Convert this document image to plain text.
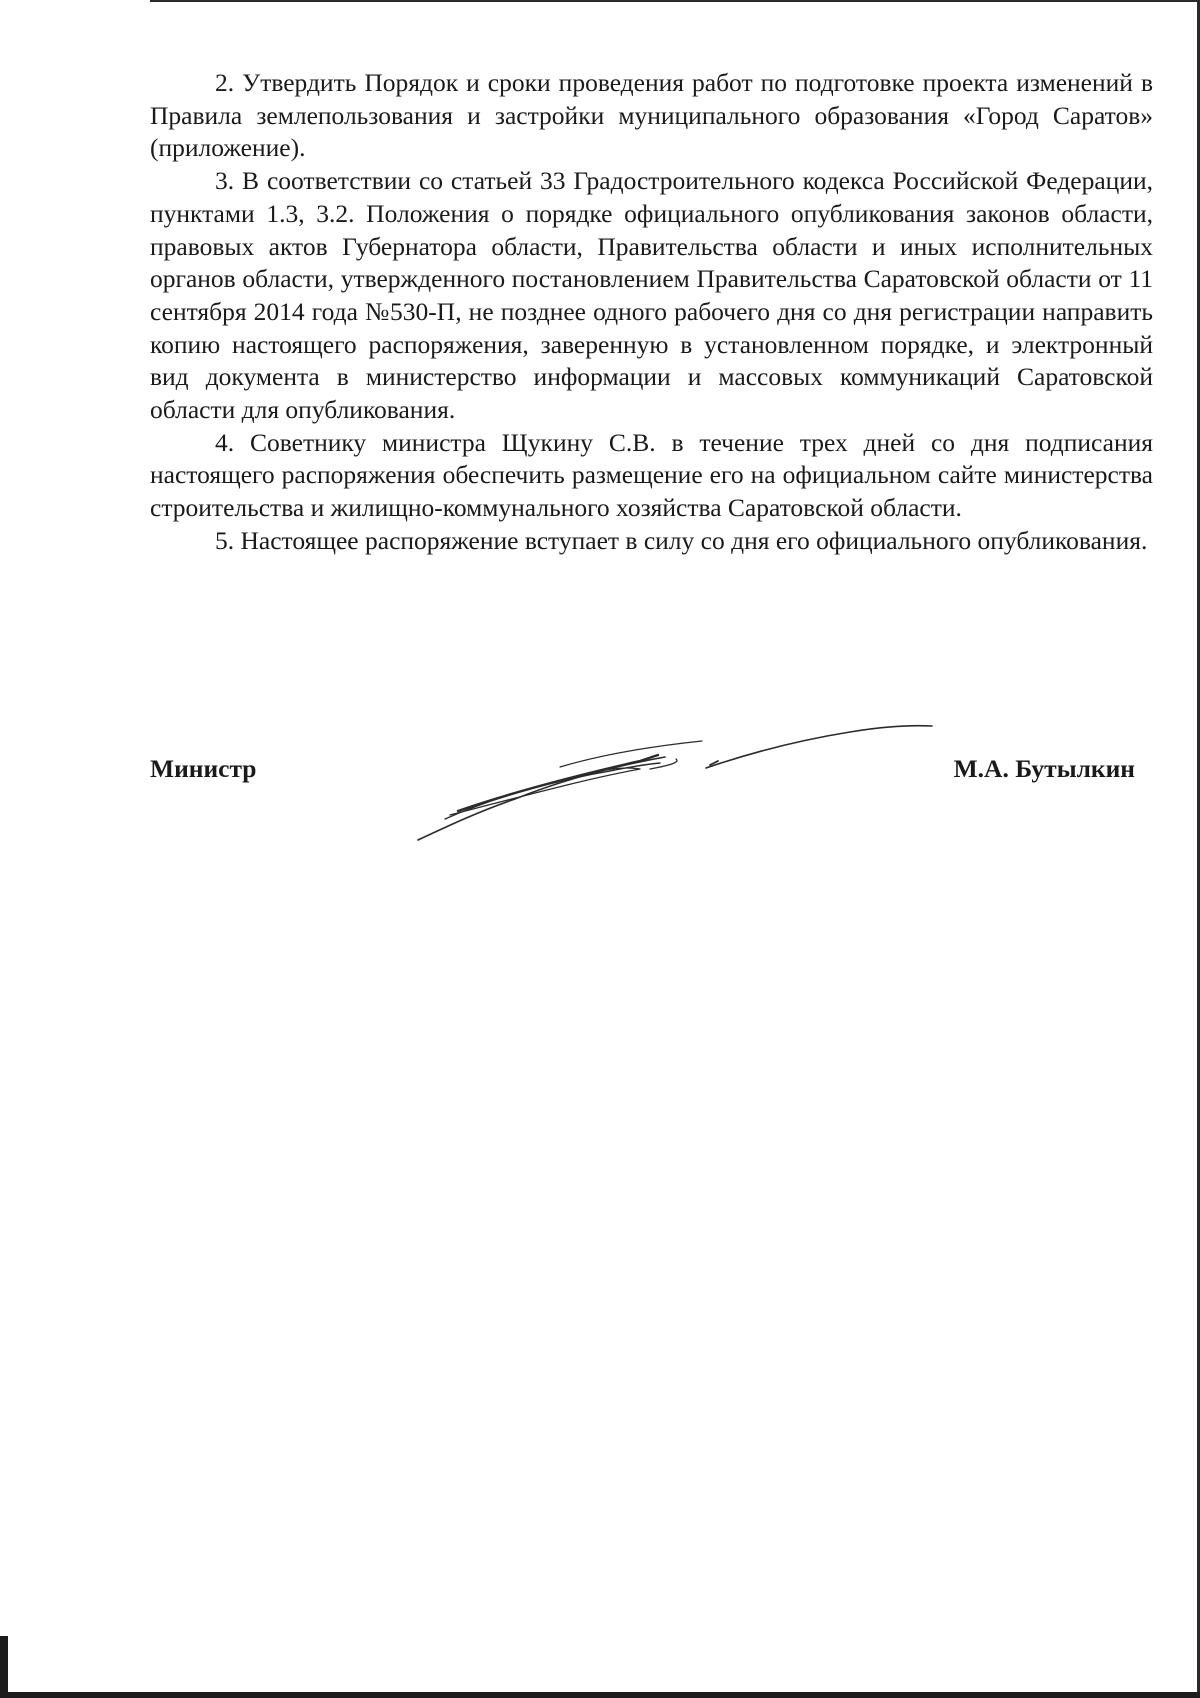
2. Утвердить Порядок и сроки проведения работ по подготовке проекта изменений в Правила землепользования и застройки муниципального образования «Город Саратов» (приложение).

3. В соответствии со статьей 33 Градостроительного кодекса Российской Федерации, пунктами 1.3, 3.2. Положения о порядке официального опубликования законов области, правовых актов Губернатора области, Правительства области и иных исполнительных органов области, утвержденного постановлением Правительства Саратовской области от 11 сентября 2014 года №530-П, не позднее одного рабочего дня со дня регистрации направить копию настоящего распоряжения, заверенную в установленном порядке, и электронный вид документа в министерство информации и массовых коммуникаций Саратовской области для опубликования.

4. Советнику министра Щукину С.В. в течение трех дней со дня подписания настоящего распоряжения обеспечить размещение его на официальном сайте министерства строительства и жилищно-коммунального хозяйства Саратовской области.

5. Настоящее распоряжение вступает в силу со дня его официального опубликования.

Министр	М.А. Бутылкин
